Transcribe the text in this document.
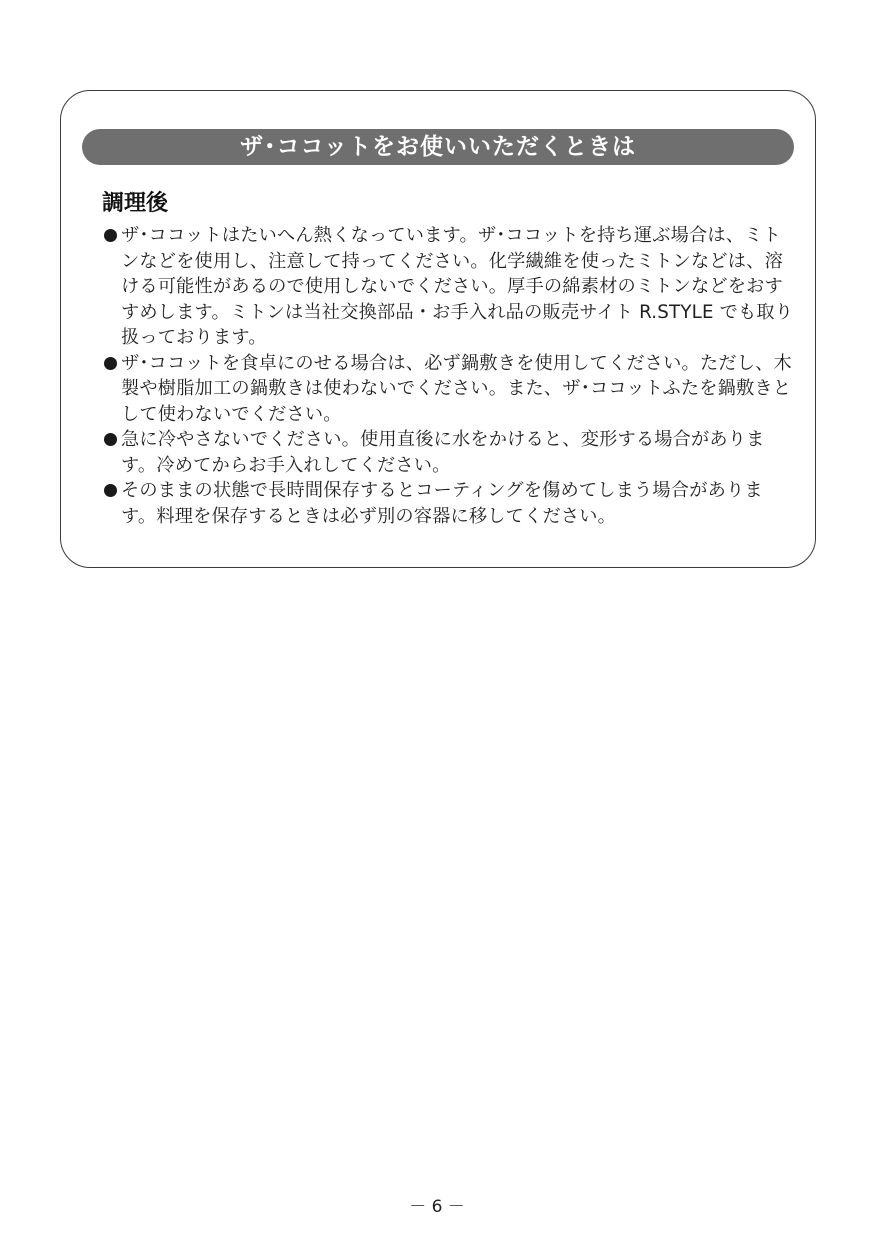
ザ･ココットをお使いいただくときは
調理後
ザ･ココットはたいへん熱くなっています。ザ･ココットを持ち運ぶ場合は、ミトンなどを使用し、注意して持ってください。化学繊維を使ったミトンなどは、溶ける可能性があるので使用しないでください。厚手の綿素材のミトンなどをおすすめします。ミトンは当社交換部品・お手入れ品の販売サイト R.STYLE でも取り扱っております。
ザ･ココットを食卓にのせる場合は、必ず鍋敷きを使用してください。ただし、木製や樹脂加工の鍋敷きは使わないでください。また、ザ･ココットふたを鍋敷きとして使わないでください。
急に冷やさないでください。使用直後に水をかけると、変形する場合があります。冷めてからお手入れしてください。
そのままの状態で長時間保存するとコーティングを傷めてしまう場合があります。料理を保存するときは必ず別の容器に移してください。
－ 6 －
